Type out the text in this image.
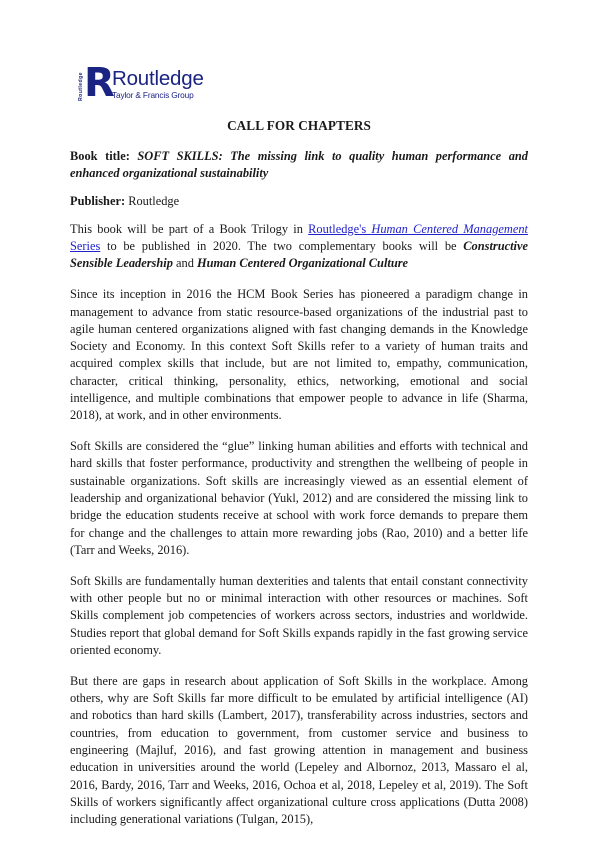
Routledge R
Routledge
Taylor & Francis Group
CALL FOR CHAPTERS

Book title: SOFT SKILLS: The missing link to quality human performance and enhanced organizational sustainability

Publisher: Routledge

This book will be part of a Book Trilogy in Routledge's Human Centered Management Series to be published in 2020. The two complementary books will be Constructive Sensible Leadership and Human Centered Organizational Culture

Since its inception in 2016 the HCM Book Series has pioneered a paradigm change in management to advance from static resource-based organizations of the industrial past to agile human centered organizations aligned with fast changing demands in the Knowledge Society and Economy. In this context Soft Skills refer to a variety of human traits and acquired complex skills that include, but are not limited to, empathy, communication, character, critical thinking, personality, ethics, networking, emotional and social intelligence, and multiple combinations that empower people to advance in life (Sharma, 2018), at work, and in other environments.

Soft Skills are considered the “glue” linking human abilities and efforts with technical and hard skills that foster performance, productivity and strengthen the wellbeing of people in sustainable organizations. Soft skills are increasingly viewed as an essential element of leadership and organizational behavior (Yukl, 2012) and are considered the missing link to bridge the education students receive at school with work force demands to prepare them for change and the challenges to attain more rewarding jobs (Rao, 2010) and a better life (Tarr and Weeks, 2016).

Soft Skills are fundamentally human dexterities and talents that entail constant connectivity with other people but no or minimal interaction with other resources or machines. Soft Skills complement job competencies of workers across sectors, industries and worldwide. Studies report that global demand for Soft Skills expands rapidly in the fast growing service oriented economy.

But there are gaps in research about application of Soft Skills in the workplace. Among others, why are Soft Skills far more difficult to be emulated by artificial intelligence (AI) and robotics than hard skills (Lambert, 2017), transferability across industries, sectors and countries, from education to government, from customer service and business to engineering (Majluf, 2016), and fast growing attention in management and business education in universities around the world (Lepeley and Albornoz, 2013, Massaro el al, 2016, Bardy, 2016, Tarr and Weeks, 2016, Ochoa et al, 2018, Lepeley et al, 2019). The Soft Skills of workers significantly affect organizational culture cross applications (Dutta 2008) including generational variations (Tulgan, 2015),
